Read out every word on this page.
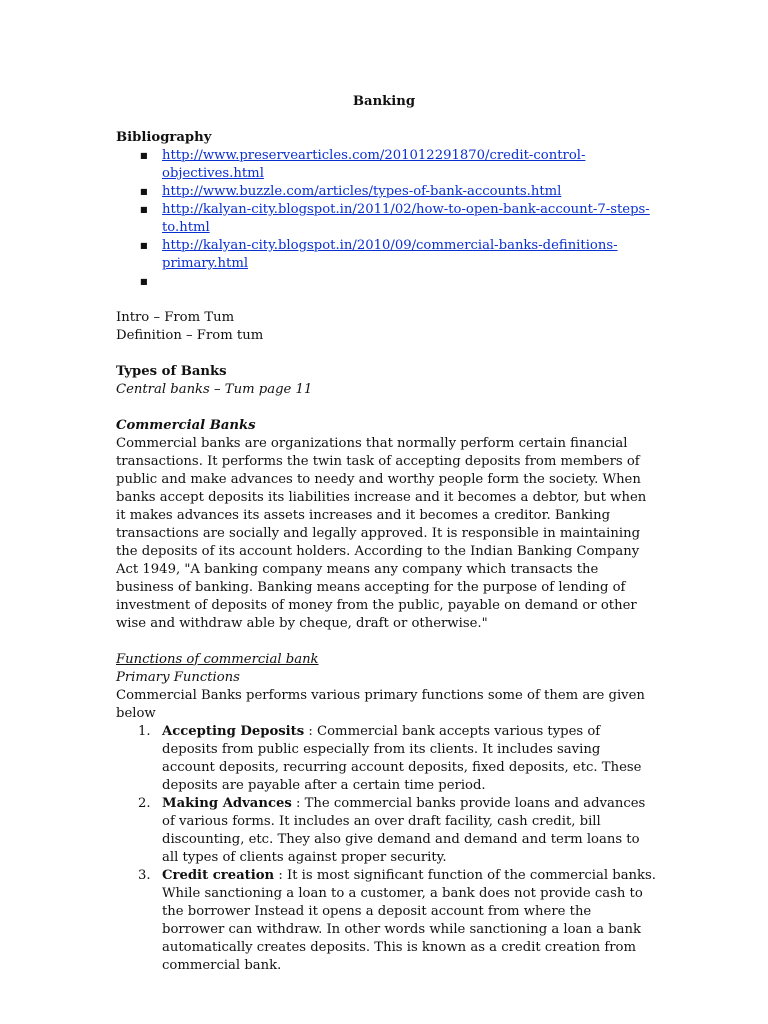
Banking
Bibliography
■ http://www.preservearticles.com/201012291870/credit-control-objectives.html
■ http://www.buzzle.com/articles/types-of-bank-accounts.html
■ http://kalyan-city.blogspot.in/2011/02/how-to-open-bank-account-7-steps-to.html
■ http://kalyan-city.blogspot.in/2010/09/commercial-banks-definitions-primary.html
■

Intro – From Tum
Definition – From tum
Types of Banks
Central banks – Tum page 11
Commercial Banks
Commercial banks are organizations that normally perform certain financial transactions. It performs the twin task of accepting deposits from members of public and make advances to needy and worthy people form the society. When banks accept deposits its liabilities increase and it becomes a debtor, but when it makes advances its assets increases and it becomes a creditor. Banking transactions are socially and legally approved. It is responsible in maintaining the deposits of its account holders. According to the Indian Banking Company Act 1949, "A banking company means any company which transacts the business of banking. Banking means accepting for the purpose of lending of investment of deposits of money from the public, payable on demand or other wise and withdraw able by cheque, draft or otherwise."
Functions of commercial bank
Primary Functions
Commercial Banks performs various primary functions some of them are given below
1. Accepting Deposits : Commercial bank accepts various types of deposits from public especially from its clients. It includes saving account deposits, recurring account deposits, fixed deposits, etc. These deposits are payable after a certain time period.
2. Making Advances : The commercial banks provide loans and advances of various forms. It includes an over draft facility, cash credit, bill discounting, etc. They also give demand and demand and term loans to all types of clients against proper security.
3. Credit creation : It is most significant function of the commercial banks. While sanctioning a loan to a customer, a bank does not provide cash to the borrower Instead it opens a deposit account from where the borrower can withdraw. In other words while sanctioning a loan a bank automatically creates deposits. This is known as a credit creation from commercial bank.
